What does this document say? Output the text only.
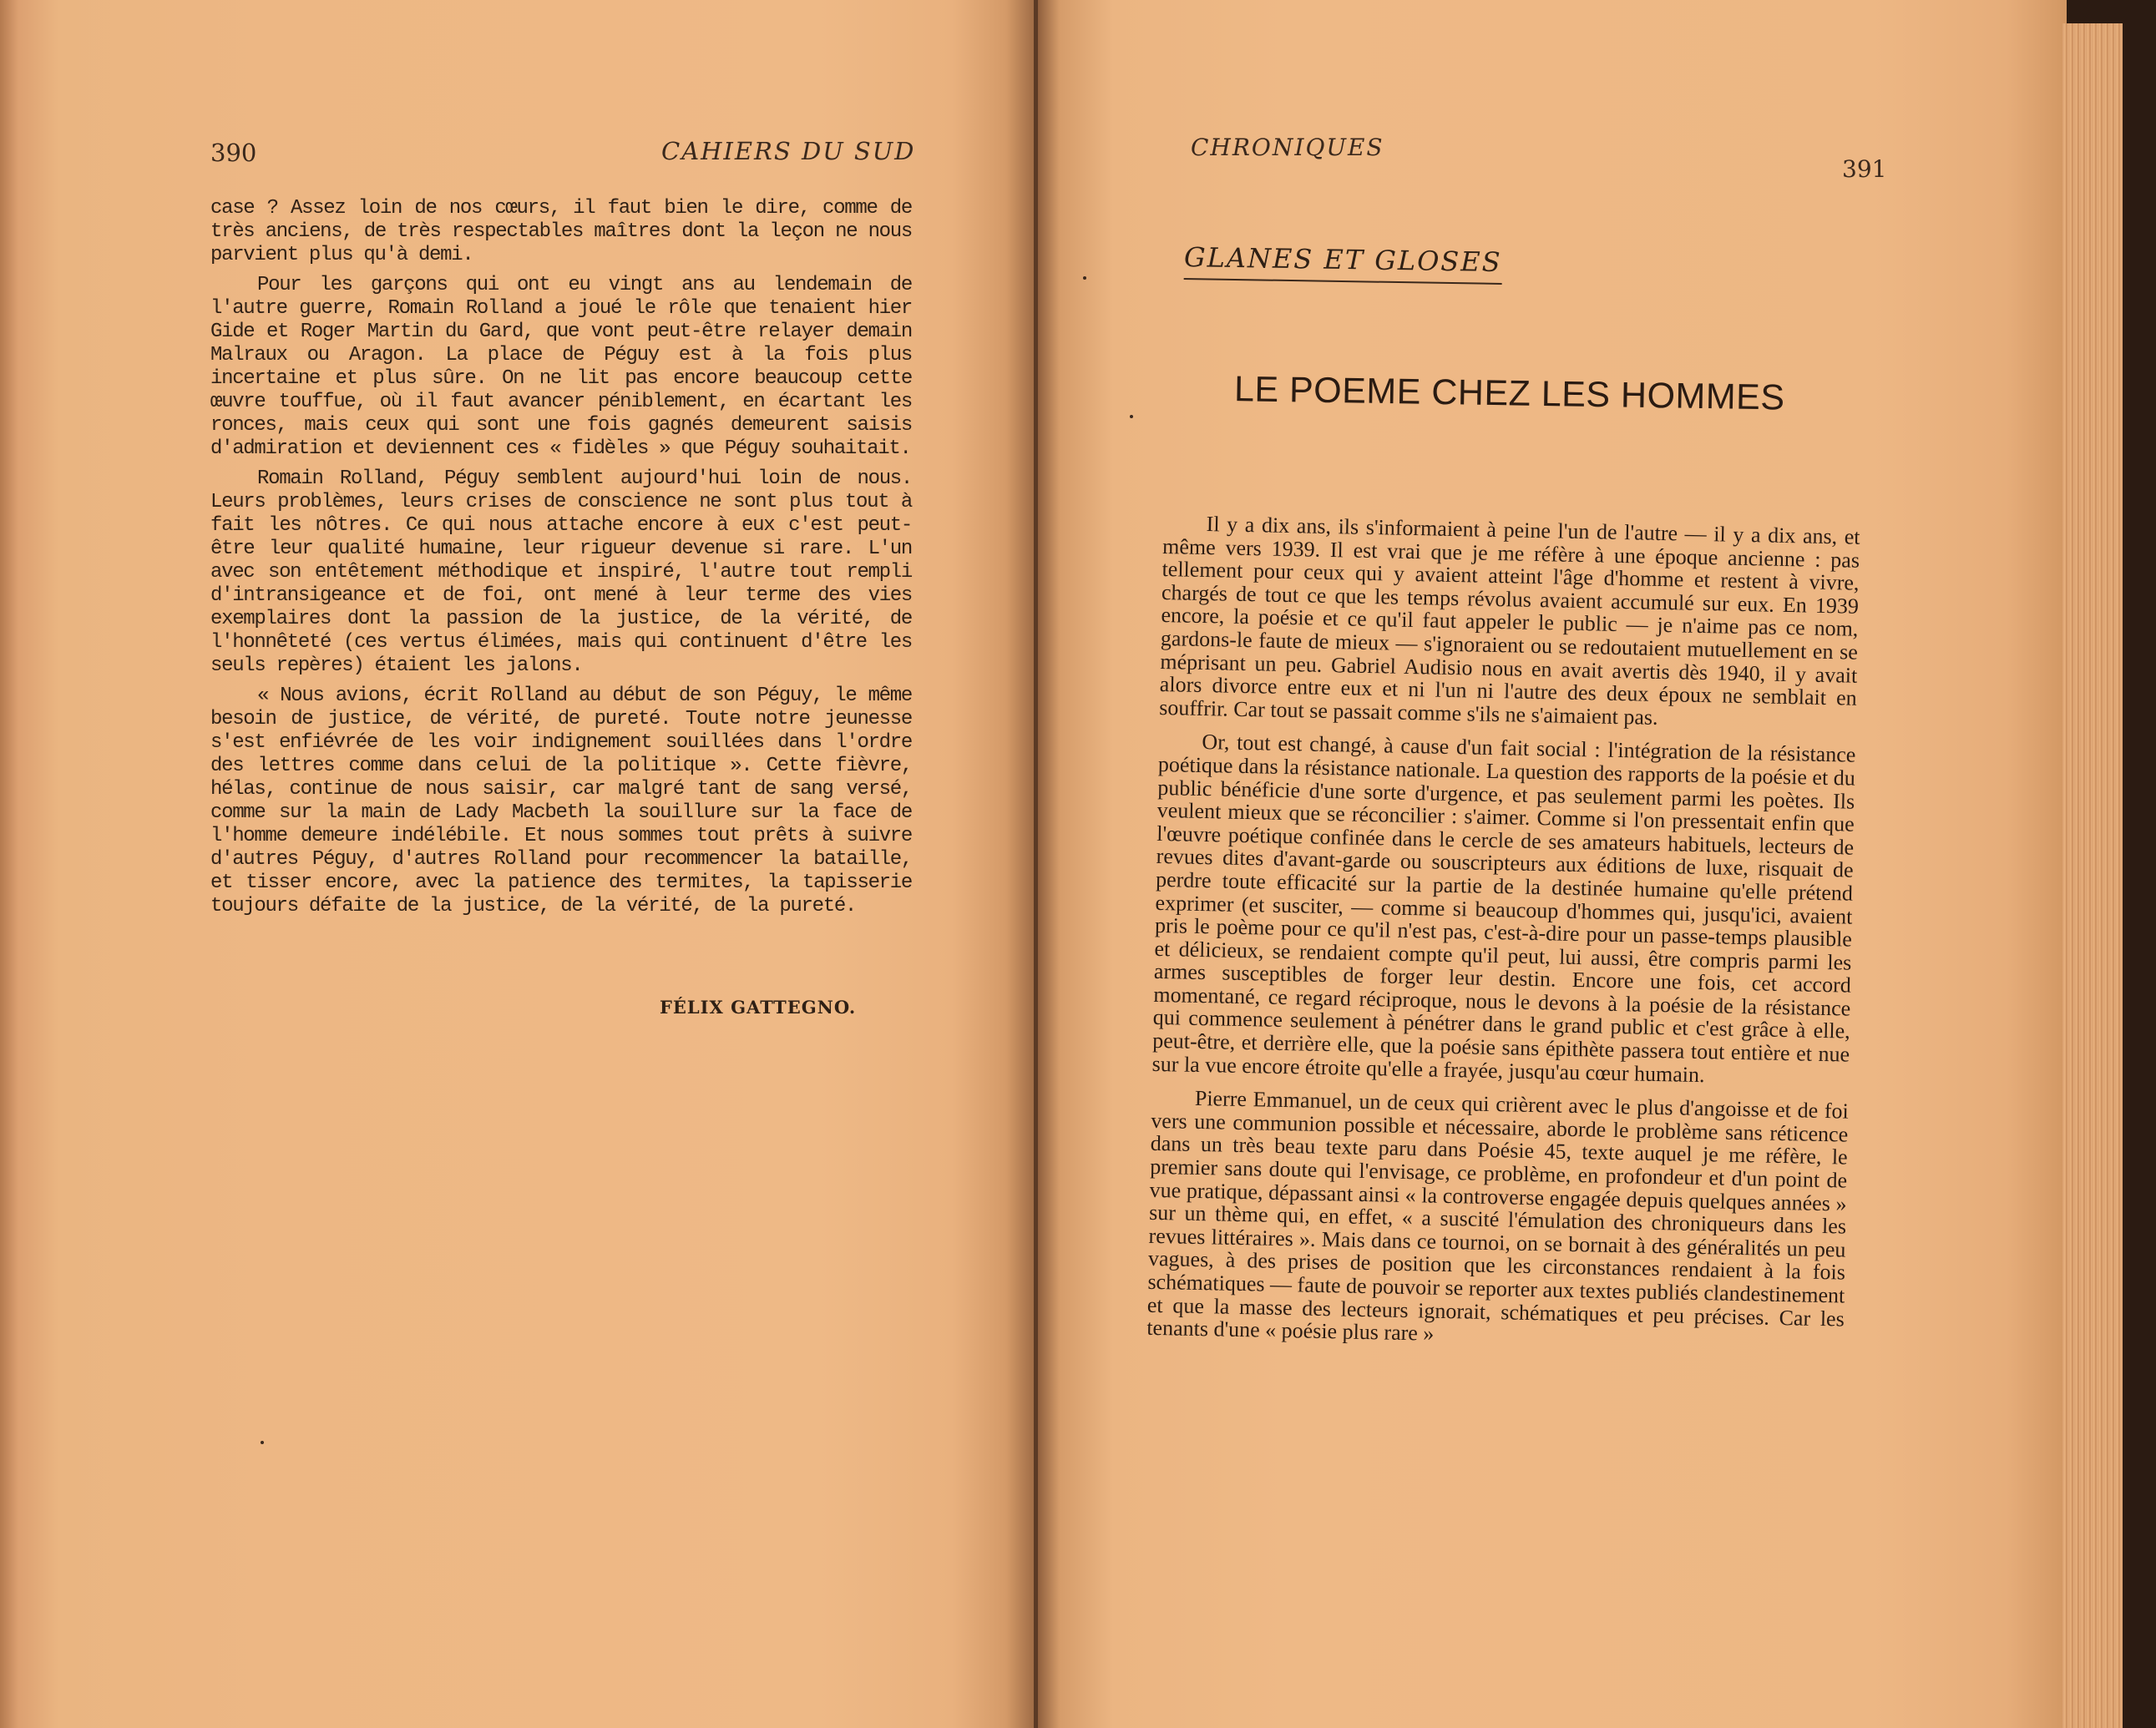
390	CAHIERS DU SUD

case ? Assez loin de nos cœurs, il faut bien le dire, comme de très anciens, de très respectables maîtres dont la leçon ne nous parvient plus qu'à demi.

Pour les garçons qui ont eu vingt ans au lendemain de l'autre guerre, Romain Rolland a joué le rôle que tenaient hier Gide et Roger Martin du Gard, que vont peut-être relayer demain Malraux ou Aragon. La place de Péguy est à la fois plus incertaine et plus sûre. On ne lit pas encore beaucoup cette œuvre touffue, où il faut avancer péniblement, en écartant les ronces, mais ceux qui sont une fois gagnés demeurent saisis d'admiration et deviennent ces « fidèles » que Péguy souhaitait.

Romain Rolland, Péguy semblent aujourd'hui loin de nous. Leurs problèmes, leurs crises de conscience ne sont plus tout à fait les nôtres. Ce qui nous attache encore à eux c'est peut-être leur qualité humaine, leur rigueur devenue si rare. L'un avec son entêtement méthodique et inspiré, l'autre tout rempli d'intransigeance et de foi, ont mené à leur terme des vies exemplaires dont la passion de la justice, de la vérité, de l'honnêteté (ces vertus élimées, mais qui continuent d'être les seuls repères) étaient les jalons.

« Nous avions, écrit Rolland au début de son Péguy, le même besoin de justice, de vérité, de pureté. Toute notre jeunesse s'est enfiévrée de les voir indignement souillées dans l'ordre des lettres comme dans celui de la politique ». Cette fièvre, hélas, continue de nous saisir, car malgré tant de sang versé, comme sur la main de Lady Macbeth la souillure sur la face de l'homme demeure indélébile. Et nous sommes tout prêts à suivre d'autres Péguy, d'autres Rolland pour recommencer la bataille, et tisser encore, avec la patience des termites, la tapisserie toujours défaite de la justice, de la vérité, de la pureté.

FÉLIX GATTEGNO.
CHRONIQUES
391
GLANES ET GLOSES
LE POEME CHEZ LES HOMMES

Il y a dix ans, ils s'informaient à peine l'un de l'autre — il y a dix ans, et même vers 1939. Il est vrai que je me réfère à une époque ancienne : pas tellement pour ceux qui y avaient atteint l'âge d'homme et restent à vivre, chargés de tout ce que les temps révolus avaient accumulé sur eux. En 1939 encore, la poésie et ce qu'il faut appeler le public — je n'aime pas ce nom, gardons-le faute de mieux — s'ignoraient ou se redoutaient mutuellement en se méprisant un peu. Gabriel Audisio nous en avait avertis dès 1940, il y avait alors divorce entre eux et ni l'un ni l'autre des deux époux ne semblait en souffrir. Car tout se passait comme s'ils ne s'aimaient pas.

Or, tout est changé, à cause d'un fait social : l'intégration de la résistance poétique dans la résistance nationale. La question des rapports de la poésie et du public bénéficie d'une sorte d'urgence, et pas seulement parmi les poètes. Ils veulent mieux que se réconcilier : s'aimer. Comme si l'on pressentait enfin que l'œuvre poétique confinée dans le cercle de ses amateurs habituels, lecteurs de revues dites d'avant-garde ou souscripteurs aux éditions de luxe, risquait de perdre toute efficacité sur la partie de la destinée humaine qu'elle prétend exprimer (et susciter, — comme si beaucoup d'hommes qui, jusqu'ici, avaient pris le poème pour ce qu'il n'est pas, c'est-à-dire pour un passe-temps plausible et délicieux, se rendaient compte qu'il peut, lui aussi, être compris parmi les armes susceptibles de forger leur destin. Encore une fois, cet accord momentané, ce regard réciproque, nous le devons à la poésie de la résistance qui commence seulement à pénétrer dans le grand public et c'est grâce à elle, peut-être, et derrière elle, que la poésie sans épithète passera tout entière et nue sur la vue encore étroite qu'elle a frayée, jusqu'au cœur humain.

Pierre Emmanuel, un de ceux qui crièrent avec le plus d'angoisse et de foi vers une communion possible et nécessaire, aborde le problème sans réticence dans un très beau texte paru dans Poésie 45, texte auquel je me réfère, le premier sans doute qui l'envisage, ce problème, en profondeur et d'un point de vue pratique, dépassant ainsi « la controverse engagée depuis quelques années » sur un thème qui, en effet, « a suscité l'émulation des chroniqueurs dans les revues littéraires ». Mais dans ce tournoi, on se bornait à des généralités un peu vagues, à des prises de position que les circonstances rendaient à la fois schématiques — faute de pouvoir se reporter aux textes publiés clandestinement et que la masse des lecteurs ignorait, schématiques et peu précises. Car les tenants d'une « poésie plus rare »
